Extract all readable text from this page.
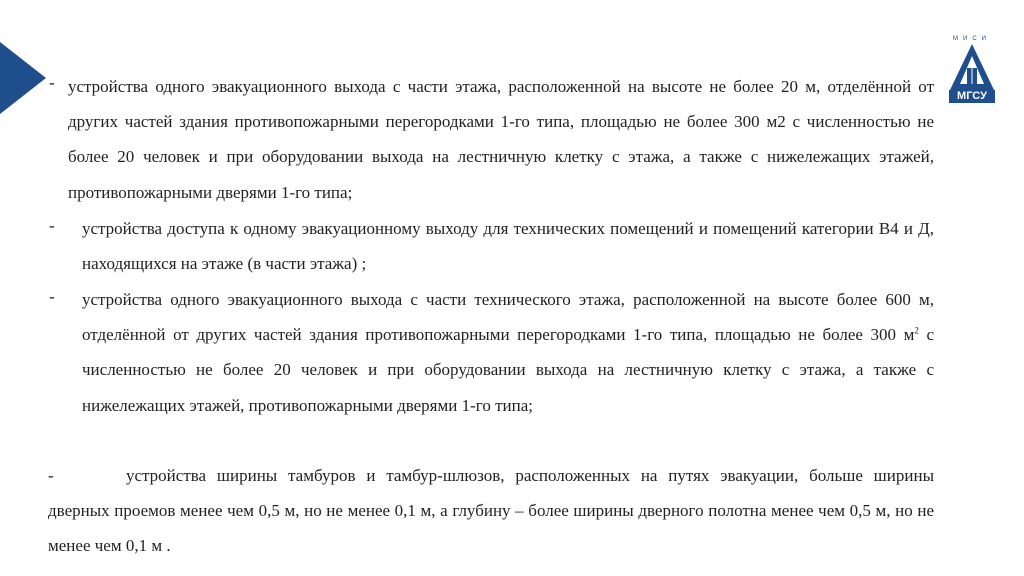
МИСИ
МГСУ
- устройства одного эвакуационного выхода с части этажа, расположенной на высоте не более 20 м, отделённой от других частей здания противопожарными перегородками 1-го типа, площадью не более 300 м2 с численностью не более 20 человек и при оборудовании выхода на лестничную клетку с этажа, а также с нижележащих этажей, противопожарными дверями 1-го типа;
- устройства доступа к одному эвакуационному выходу для технических помещений и помещений категории В4 и Д, находящихся на этаже (в части этажа) ;
- устройства одного эвакуационного выхода с части технического этажа, расположенной на высоте более 600 м, отделённой от других частей здания противопожарными перегородками 1-го типа, площадью не более 300 $м^2$ с численностью не более 20 человек и при оборудовании выхода на лестничную клетку с этажа, а также с нижележащих этажей, противопожарными дверями 1-го типа;
-	устройства ширины тамбуров и тамбур-шлюзов, расположенных на путях эвакуации, больше ширины дверных проемов менее чем 0,5 м, но не менее 0,1 м, а глубину – более ширины дверного полотна менее чем 0,5 м, но не менее чем 0,1 м .
